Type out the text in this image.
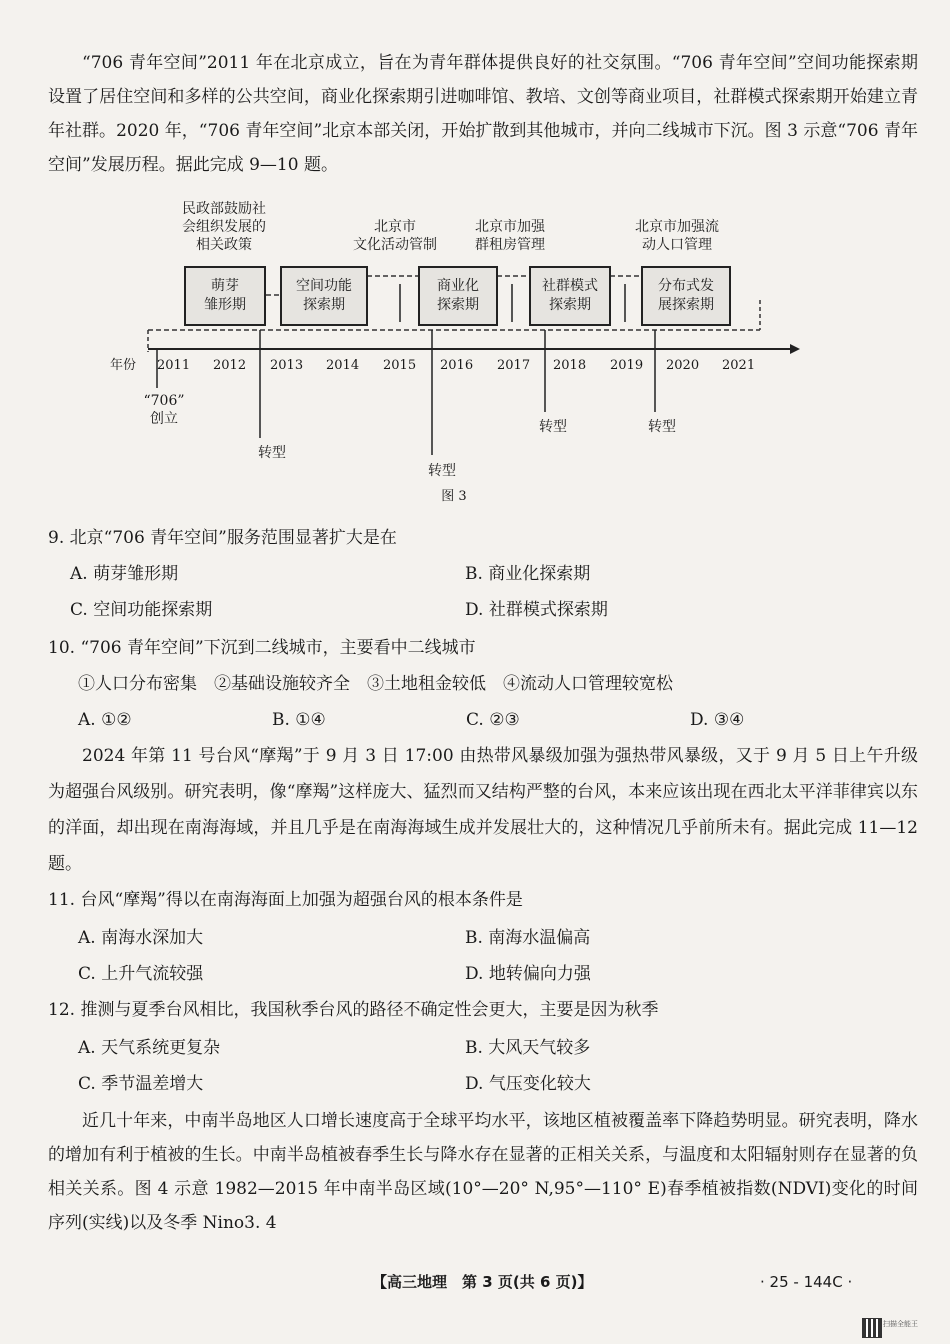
“706 青年空间”2011 年在北京成立，旨在为青年群体提供良好的社交氛围。“706 青年空间”空间功能探索期设置了居住空间和多样的公共空间，商业化探索期引进咖啡馆、教培、文创等商业项目，社群模式探索期开始建立青年社群。2020 年，“706 青年空间”北京本部关闭，开始扩散到其他城市，并向二线城市下沉。图 3 示意“706 青年空间”发展历程。据此完成 9—10 题。

民政部鼓励社
会组织发展的
相关政策
北京市
文化活动管制
北京市加强
群租房管理
北京市加强流
动人口管理
萌芽
雏形期
空间功能
探索期
商业化
探索期
社群模式
探索期
分布式发
展探索期
年份 2011 2012 2013 2014 2015 2016 2017 2018 2019 2020 2021
“706”
创立
转型
转型
转型	转型
图 3

9. 北京“706 青年空间”服务范围显著扩大是在

A. 萌芽雏形期	B. 商业化探索期

C. 空间功能探索期	D. 社群模式探索期

10. “706 青年空间”下沉到二线城市，主要看中二线城市

①人口分布密集　②基础设施较齐全　③土地租金较低　④流动人口管理较宽松

A. ①②	B. ①④	C. ②③	D. ③④

2024 年第 11 号台风“摩羯”于 9 月 3 日 17:00 由热带风暴级加强为强热带风暴级，又于 9 月 5 日上午升级为超强台风级别。研究表明，像“摩羯”这样庞大、猛烈而又结构严整的台风，本来应该出现在西北太平洋菲律宾以东的洋面，却出现在南海海域，并且几乎是在南海海域生成并发展壮大的，这种情况几乎前所未有。据此完成 11—12 题。

11. 台风“摩羯”得以在南海海面上加强为超强台风的根本条件是

A. 南海水深加大	B. 南海水温偏高

C. 上升气流较强	D. 地转偏向力强

12. 推测与夏季台风相比，我国秋季台风的路径不确定性会更大，主要是因为秋季

A. 天气系统更复杂	B. 大风天气较多

C. 季节温差增大	D. 气压变化较大

近几十年来，中南半岛地区人口增长速度高于全球平均水平，该地区植被覆盖率下降趋势明显。研究表明，降水的增加有利于植被的生长。中南半岛植被春季生长与降水存在显著的正相关关系，与温度和太阳辐射则存在显著的负相关关系。图 4 示意 1982—2015 年中南半岛区域(10°—20° N,95°—110° E)春季植被指数(NDVI)变化的时间序列(实线)以及冬季 Nino3. 4

【高三地理　第 3 页(共 6 页)】	· 25 - 144C ·
扫描全能王
